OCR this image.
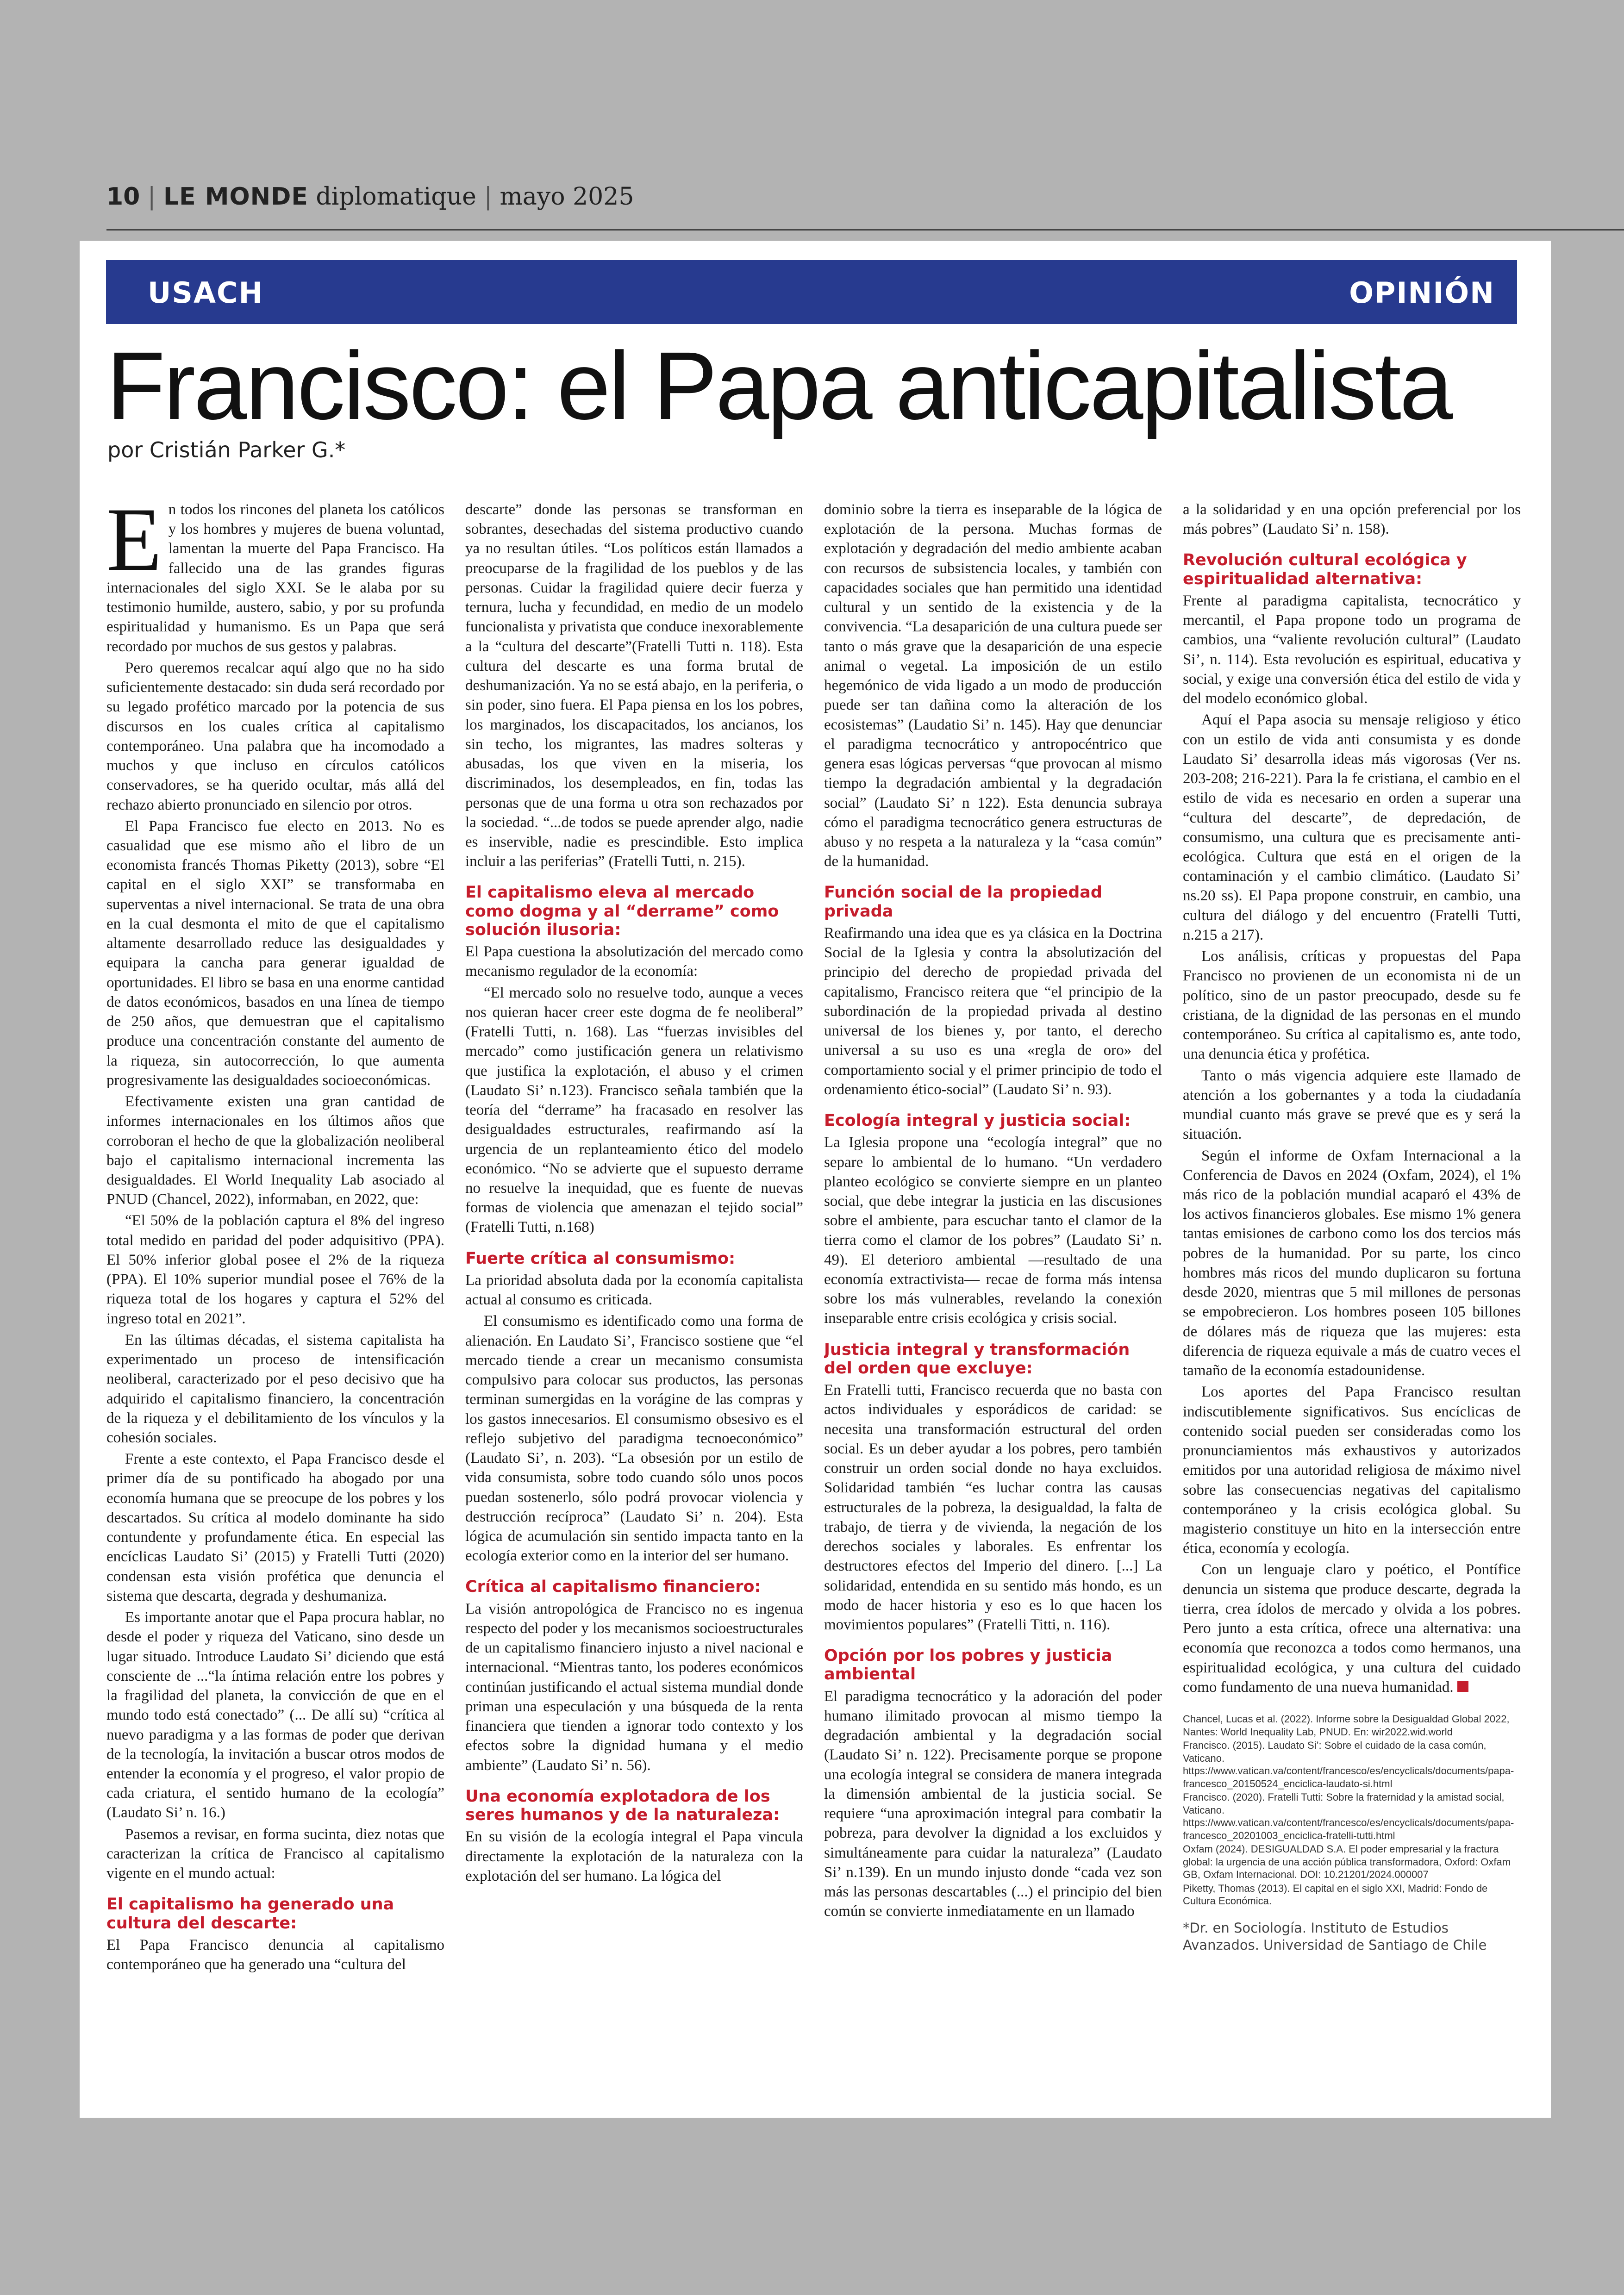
10 | LE MONDE diplomatique | mayo 2025
USACH	OPINIÓN
Francisco: el Papa anticapitalista
por Cristián Parker G.*
E n todos los rincones del planeta los católicos y los hombres y mujeres de buena voluntad, lamentan la muerte del Papa Francisco. Ha fallecido una de las grandes figuras internacionales del siglo XXI. Se le alaba por su testimonio humilde, austero, sabio, y por su profunda espiritualidad y humanismo. Es un Papa que será recordado por muchos de sus gestos y palabras.

Pero queremos recalcar aquí algo que no ha sido suficientemente destacado: sin duda será recordado por su legado profético marcado por la potencia de sus discursos en los cuales crítica al capitalismo contemporáneo. Una palabra que ha incomodado a muchos y que incluso en círculos católicos conservadores, se ha querido ocultar, más allá del rechazo abierto pronunciado en silencio por otros.

El Papa Francisco fue electo en 2013. No es casualidad que ese mismo año el libro de un economista francés Thomas Piketty (2013), sobre “El capital en el siglo XXI” se transformaba en superventas a nivel internacional. Se trata de una obra en la cual desmonta el mito de que el capitalismo altamente desarrollado reduce las desigualdades y equipara la cancha para generar igualdad de oportunidades. El libro se basa en una enorme cantidad de datos económicos, basados en una línea de tiempo de 250 años, que demuestran que el capitalismo produce una concentración constante del aumento de la riqueza, sin autocorrección, lo que aumenta progresivamente las desigualdades socioeconómicas.

Efectivamente existen una gran cantidad de informes internacionales en los últimos años que corroboran el hecho de que la globalización neoliberal bajo el capitalismo internacional incrementa las desigualdades. El World Inequality Lab asociado al PNUD (Chancel, 2022), informaban, en 2022, que:

“El 50% de la población captura el 8% del ingreso total medido en paridad del poder adquisitivo (PPA). El 50% inferior global posee el 2% de la riqueza (PPA). El 10% superior mundial posee el 76% de la riqueza total de los hogares y captura el 52% del ingreso total en 2021”.

En las últimas décadas, el sistema capitalista ha experimentado un proceso de intensificación neoliberal, caracterizado por el peso decisivo que ha adquirido el capitalismo financiero, la concentración de la riqueza y el debilitamiento de los vínculos y la cohesión sociales.

Frente a este contexto, el Papa Francisco desde el primer día de su pontificado ha abogado por una economía humana que se preocupe de los pobres y los descartados. Su crítica al modelo dominante ha sido contundente y profundamente ética. En especial las encíclicas Laudato Si’ (2015) y Fratelli Tutti (2020) condensan esta visión profética que denuncia el sistema que descarta, degrada y deshumaniza.

Es importante anotar que el Papa procura hablar, no desde el poder y riqueza del Vaticano, sino desde un lugar situado. Introduce Laudato Si’ diciendo que está consciente de ...“la íntima relación entre los pobres y la fragilidad del planeta, la convicción de que en el mundo todo está conectado” (... De allí su) “crítica al nuevo paradigma y a las formas de poder que derivan de la tecnología, la invitación a buscar otros modos de entender la economía y el progreso, el valor propio de cada criatura, el sentido humano de la ecología” (Laudato Si’ n. 16.)

Pasemos a revisar, en forma sucinta, diez notas que caracterizan la crítica de Francisco al capitalismo vigente en el mundo actual:

El capitalismo ha generado una cultura del descarte:

El Papa Francisco denuncia al capitalismo contemporáneo que ha generado una “cultura del

descarte” donde las personas se transforman en sobrantes, desechadas del sistema productivo cuando ya no resultan útiles. “Los políticos están llamados a preocuparse de la fragilidad de los pueblos y de las personas. Cuidar la fragilidad quiere decir fuerza y ternura, lucha y fecundidad, en medio de un modelo funcionalista y privatista que conduce inexorablemente a la “cultura del descarte”(Fratelli Tutti n. 118). Esta cultura del descarte es una forma brutal de deshumanización. Ya no se está abajo, en la periferia, o sin poder, sino fuera. El Papa piensa en los los pobres, los marginados, los discapacitados, los ancianos, los sin techo, los migrantes, las madres solteras y abusadas, los que viven en la miseria, los discriminados, los desempleados, en fin, todas las personas que de una forma u otra son rechazados por la sociedad. “...de todos se puede aprender algo, nadie es inservible, nadie es prescindible. Esto implica incluir a las periferias” (Fratelli Tutti, n. 215).

El capitalismo eleva al mercado como dogma y al “derrame” como solución ilusoria:

El Papa cuestiona la absolutización del mercado como mecanismo regulador de la economía:

“El mercado solo no resuelve todo, aunque a veces nos quieran hacer creer este dogma de fe neoliberal” (Fratelli Tutti, n. 168). Las “fuerzas invisibles del mercado” como justificación genera un relativismo que justifica la explotación, el abuso y el crimen (Laudato Si’ n.123). Francisco señala también que la teoría del “derrame” ha fracasado en resolver las desigualdades estructurales, reafirmando así la urgencia de un replanteamiento ético del modelo económico. “No se advierte que el supuesto derrame no resuelve la inequidad, que es fuente de nuevas formas de violencia que amenazan el tejido social” (Fratelli Tutti, n.168)

Fuerte crítica al consumismo:

La prioridad absoluta dada por la economía capitalista actual al consumo es criticada.

El consumismo es identificado como una forma de alienación. En Laudato Si’, Francisco sostiene que “el mercado tiende a crear un mecanismo consumista compulsivo para colocar sus productos, las personas terminan sumergidas en la vorágine de las compras y los gastos innecesarios. El consumismo obsesivo es el reflejo subjetivo del paradigma tecnoeconómico” (Laudato Si’, n. 203). “La obsesión por un estilo de vida consumista, sobre todo cuando sólo unos pocos puedan sostenerlo, sólo podrá provocar violencia y destrucción recíproca” (Laudato Si’ n. 204). Esta lógica de acumulación sin sentido impacta tanto en la ecología exterior como en la interior del ser humano.

Crítica al capitalismo financiero:

La visión antropológica de Francisco no es ingenua respecto del poder y los mecanismos socioestructurales de un capitalismo financiero injusto a nivel nacional e internacional. “Mientras tanto, los poderes económicos continúan justificando el actual sistema mundial donde priman una especulación y una búsqueda de la renta financiera que tienden a ignorar todo contexto y los efectos sobre la dignidad humana y el medio ambiente” (Laudato Si’ n. 56).

Una economía explotadora de los seres humanos y de la naturaleza:

En su visión de la ecología integral el Papa vincula directamente la explotación de la naturaleza con la explotación del ser humano. La lógica del

dominio sobre la tierra es inseparable de la lógica de explotación de la persona. Muchas formas de explotación y degradación del medio ambiente acaban con recursos de subsistencia locales, y también con capacidades sociales que han permitido una identidad cultural y un sentido de la existencia y de la convivencia. “La desaparición de una cultura puede ser tanto o más grave que la desaparición de una especie animal o vegetal. La imposición de un estilo hegemónico de vida ligado a un modo de producción puede ser tan dañina como la alteración de los ecosistemas” (Laudatio Si’ n. 145). Hay que denunciar el paradigma tecnocrático y antropocéntrico que genera esas lógicas perversas “que provocan al mismo tiempo la degradación ambiental y la degradación social” (Laudato Si’ n 122). Esta denuncia subraya cómo el paradigma tecnocrático genera estructuras de abuso y no respeta a la naturaleza y la “casa común” de la humanidad.

Función social de la propiedad privada

Reafirmando una idea que es ya clásica en la Doctrina Social de la Iglesia y contra la absolutización del principio del derecho de propiedad privada del capitalismo, Francisco reitera que “el principio de la subordinación de la propiedad privada al destino universal de los bienes y, por tanto, el derecho universal a su uso es una «regla de oro» del comportamiento social y el primer principio de todo el ordenamiento ético-social” (Laudato Si’ n. 93).

Ecología integral y justicia social:

La Iglesia propone una “ecología integral” que no separe lo ambiental de lo humano. “Un verdadero planteo ecológico se convierte siempre en un planteo social, que debe integrar la justicia en las discusiones sobre el ambiente, para escuchar tanto el clamor de la tierra como el clamor de los pobres” (Laudato Si’ n. 49). El deterioro ambiental —resultado de una economía extractivista— recae de forma más intensa sobre los más vulnerables, revelando la conexión inseparable entre crisis ecológica y crisis social.

Justicia integral y transformación del orden que excluye:

En Fratelli tutti, Francisco recuerda que no basta con actos individuales y esporádicos de caridad: se necesita una transformación estructural del orden social. Es un deber ayudar a los pobres, pero también construir un orden social donde no haya excluidos. Solidaridad también “es luchar contra las causas estructurales de la pobreza, la desigualdad, la falta de trabajo, de tierra y de vivienda, la negación de los derechos sociales y laborales. Es enfrentar los destructores efectos del Imperio del dinero. [...] La solidaridad, entendida en su sentido más hondo, es un modo de hacer historia y eso es lo que hacen los movimientos populares” (Fratelli Titti, n. 116).

Opción por los pobres y justicia ambiental

El paradigma tecnocrático y la adoración del poder humano ilimitado provocan al mismo tiempo la degradación ambiental y la degradación social (Laudato Si’ n. 122). Precisamente porque se propone una ecología integral se considera de manera integrada la dimensión ambiental de la justicia social. Se requiere “una aproximación integral para combatir la pobreza, para devolver la dignidad a los excluidos y simultáneamente para cuidar la naturaleza” (Laudato Si’ n.139). En un mundo injusto donde “cada vez son más las personas descartables (...) el principio del bien común se convierte inmediatamente en un llamado

a la solidaridad y en una opción preferencial por los más pobres” (Laudato Si’ n. 158).

Revolución cultural ecológica y espiritualidad alternativa:

Frente al paradigma capitalista, tecnocrático y mercantil, el Papa propone todo un programa de cambios, una “valiente revolución cultural” (Laudato Si’, n. 114). Esta revolución es espiritual, educativa y social, y exige una conversión ética del estilo de vida y del modelo económico global.

Aquí el Papa asocia su mensaje religioso y ético con un estilo de vida anti consumista y es donde Laudato Si’ desarrolla ideas más vigorosas (Ver ns. 203-208; 216-221). Para la fe cristiana, el cambio en el estilo de vida es necesario en orden a superar una “cultura del descarte”, de depredación, de consumismo, una cultura que es precisamente anti-ecológica. Cultura que está en el origen de la contaminación y el cambio climático. (Laudato Si’ ns.20 ss). El Papa propone construir, en cambio, una cultura del diálogo y del encuentro (Fratelli Tutti, n.215 a 217).

Los análisis, críticas y propuestas del Papa Francisco no provienen de un economista ni de un político, sino de un pastor preocupado, desde su fe cristiana, de la dignidad de las personas en el mundo contemporáneo. Su crítica al capitalismo es, ante todo, una denuncia ética y profética.

Tanto o más vigencia adquiere este llamado de atención a los gobernantes y a toda la ciudadanía mundial cuanto más grave se prevé que es y será la situación.

Según el informe de Oxfam Internacional a la Conferencia de Davos en 2024 (Oxfam, 2024), el 1% más rico de la población mundial acaparó el 43% de los activos financieros globales. Ese mismo 1% genera tantas emisiones de carbono como los dos tercios más pobres de la humanidad. Por su parte, los cinco hombres más ricos del mundo duplicaron su fortuna desde 2020, mientras que 5 mil millones de personas se empobrecieron. Los hombres poseen 105 billones de dólares más de riqueza que las mujeres: esta diferencia de riqueza equivale a más de cuatro veces el tamaño de la economía estadounidense.

Los aportes del Papa Francisco resultan indiscutiblemente significativos. Sus encíclicas de contenido social pueden ser consideradas como los pronunciamientos más exhaustivos y autorizados emitidos por una autoridad religiosa de máximo nivel sobre las consecuencias negativas del capitalismo contemporáneo y la crisis ecológica global. Su magisterio constituye un hito en la intersección entre ética, economía y ecología.

Con un lenguaje claro y poético, el Pontífice denuncia un sistema que produce descarte, degrada la tierra, crea ídolos de mercado y olvida a los pobres. Pero junto a esta crítica, ofrece una alternativa: una economía que reconozca a todos como hermanos, una espiritualidad ecológica, y una cultura del cuidado como fundamento de una nueva humanidad.

Chancel, Lucas et al. (2022). Informe sobre la Desigualdad Global 2022, Nantes: World Inequality Lab, PNUD. En: wir2022.wid.world
Francisco. (2015). Laudato Si’: Sobre el cuidado de la casa común, Vaticano. https://www.vatican.va/content/francesco/es/encyclicals/documents/papa-francesco_20150524_enciclica-laudato-si.html
Francisco. (2020). Fratelli Tutti: Sobre la fraternidad y la amistad social, Vaticano. https://www.vatican.va/content/francesco/es/encyclicals/documents/papa-francesco_20201003_enciclica-fratelli-tutti.html
Oxfam (2024). DESIGUALDAD S.A. El poder empresarial y la fractura global: la urgencia de una acción pública transformadora, Oxford: Oxfam GB, Oxfam Internacional. DOI: 10.21201/2024.000007
Piketty, Thomas (2013). El capital en el siglo XXI, Madrid: Fondo de Cultura Económica.
*Dr. en Sociología. Instituto de Estudios Avanzados. Universidad de Santiago de Chile
